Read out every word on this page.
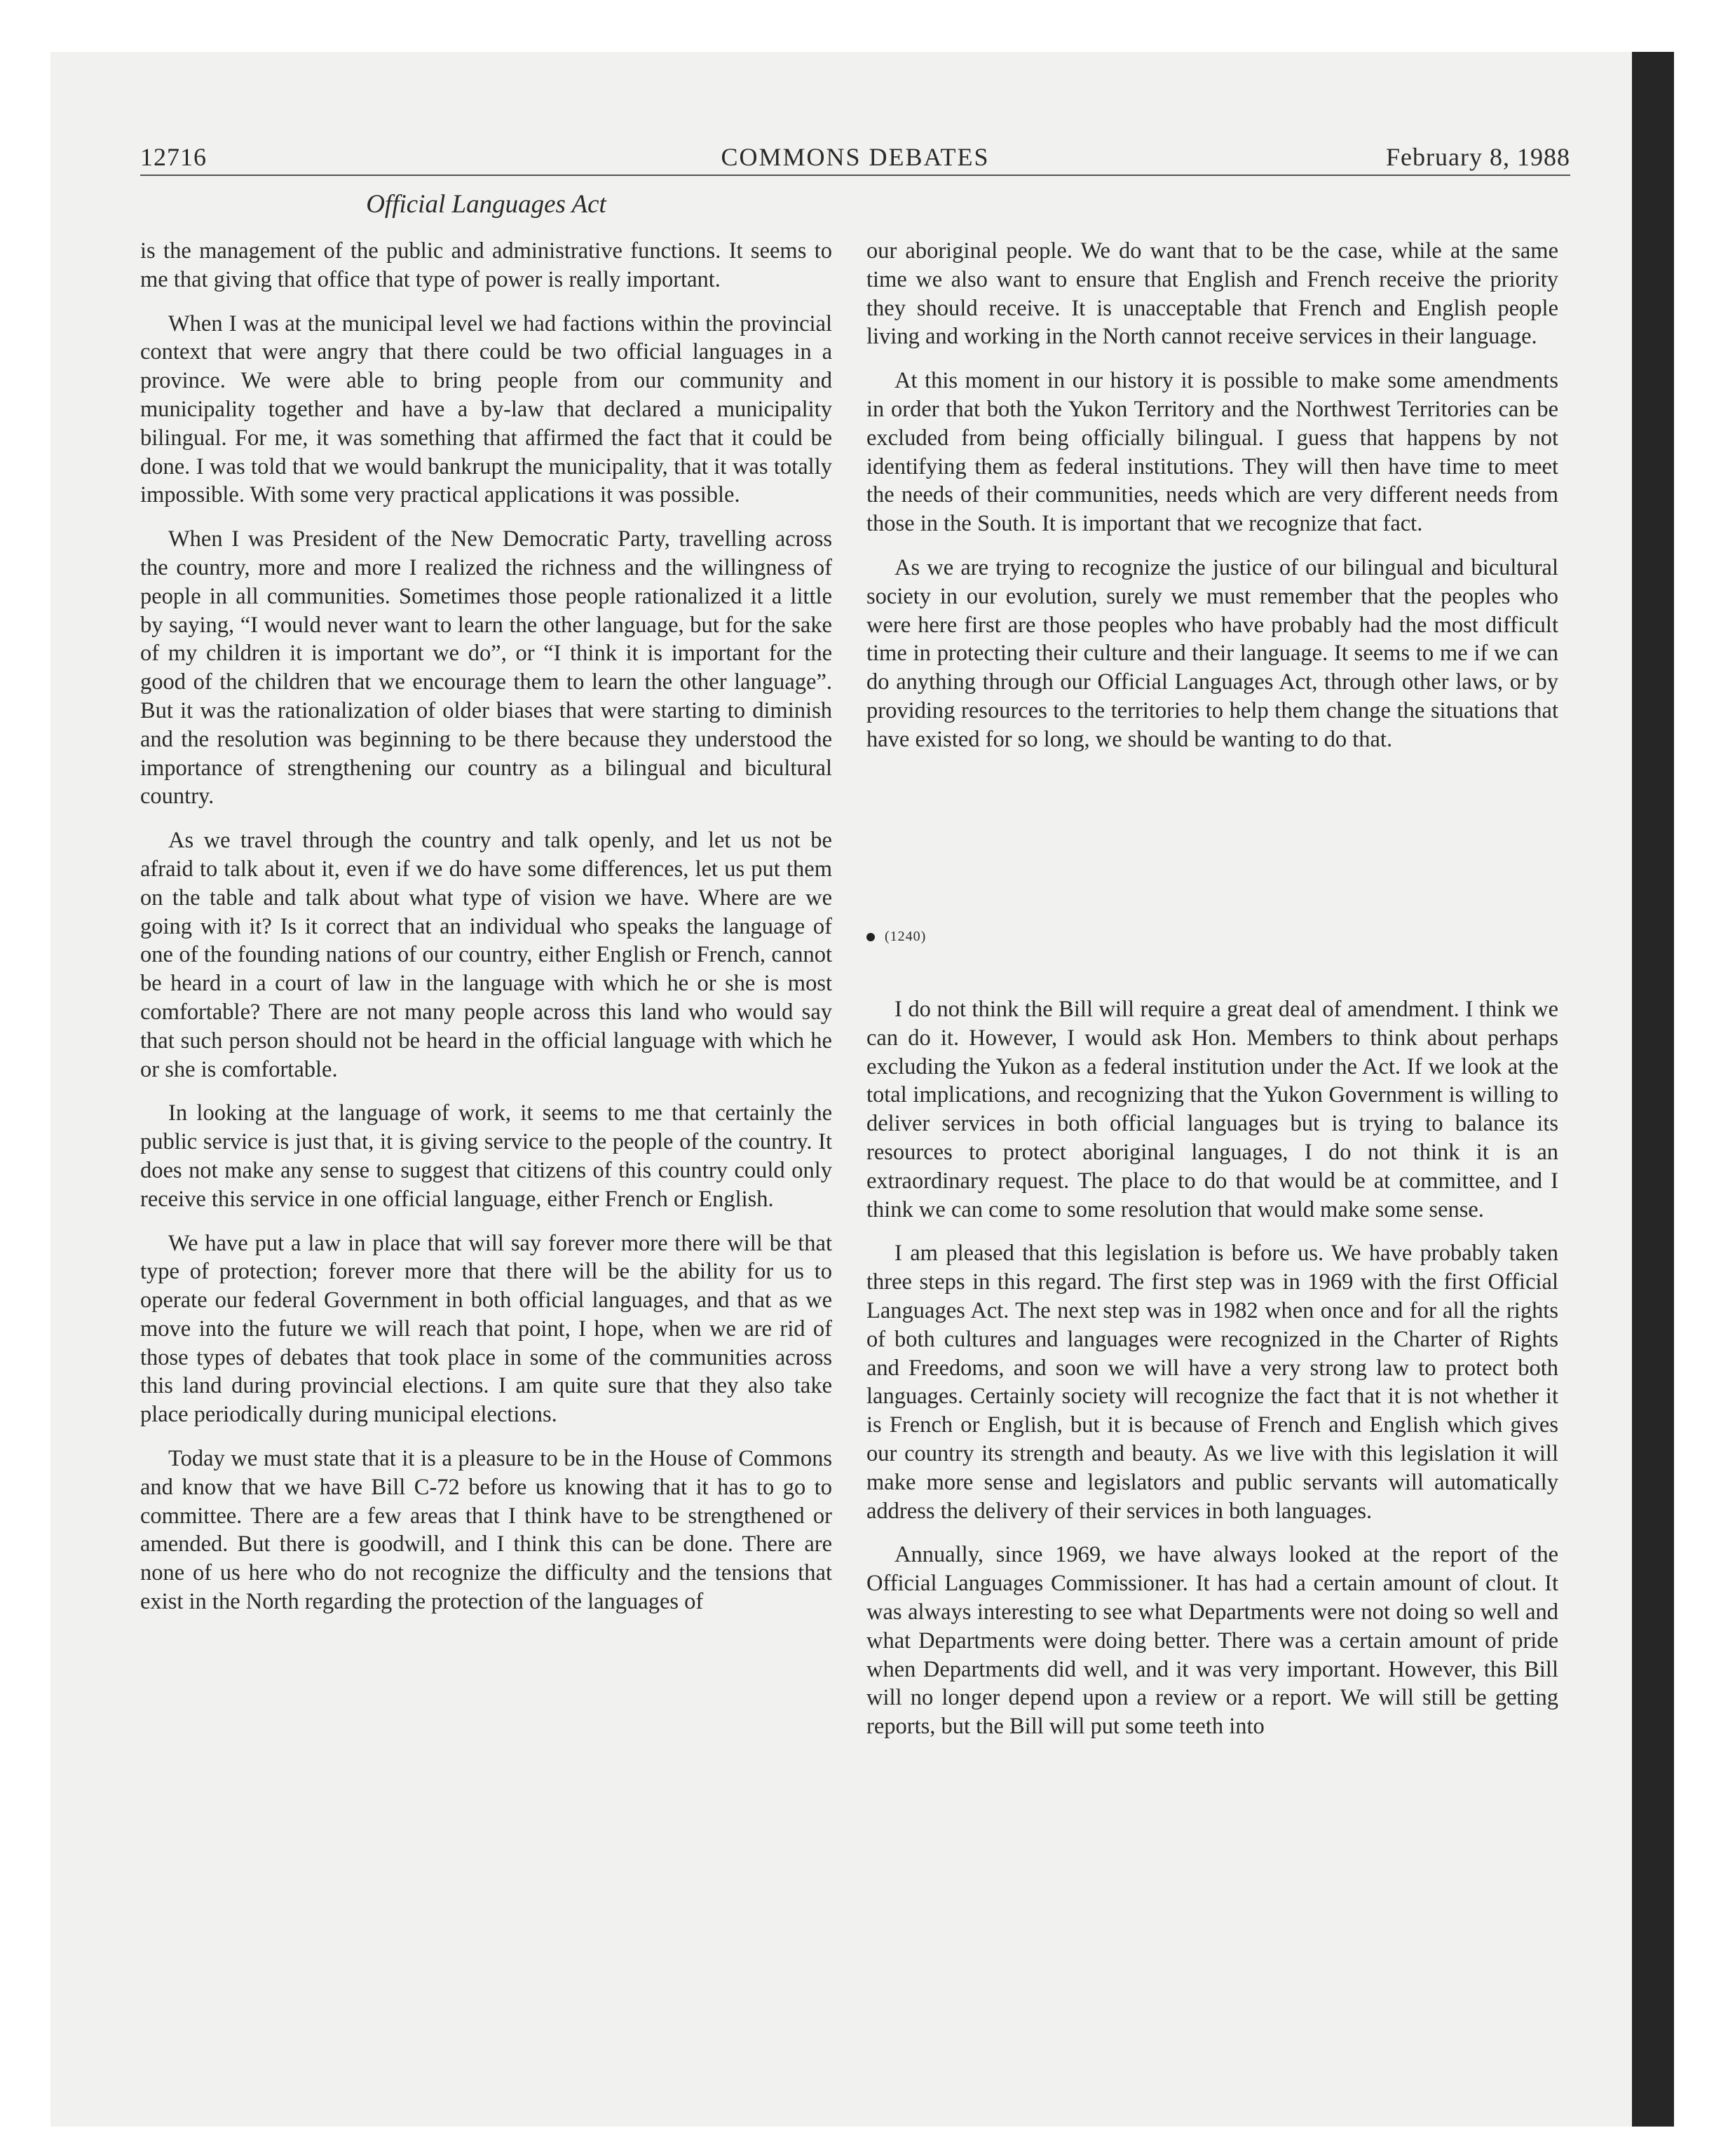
12716	COMMONS DEBATES	February 8, 1988
Official Languages Act

is the management of the public and administrative functions. It seems to me that giving that office that type of power is really important.

When I was at the municipal level we had factions within the provincial context that were angry that there could be two official languages in a province. We were able to bring people from our community and municipality together and have a by-law that declared a municipality bilingual. For me, it was something that affirmed the fact that it could be done. I was told that we would bankrupt the municipality, that it was totally impossible. With some very practical applications it was possible.

When I was President of the New Democratic Party, travelling across the country, more and more I realized the richness and the willingness of people in all communities. Sometimes those people rationalized it a little by saying, “I would never want to learn the other language, but for the sake of my children it is important we do”, or “I think it is important for the good of the children that we encourage them to learn the other language”. But it was the rationalization of older biases that were starting to diminish and the resolution was beginning to be there because they understood the importance of strengthening our country as a bilingual and bicultural country.

As we travel through the country and talk openly, and let us not be afraid to talk about it, even if we do have some differences, let us put them on the table and talk about what type of vision we have. Where are we going with it? Is it correct that an individual who speaks the language of one of the founding nations of our country, either English or French, cannot be heard in a court of law in the language with which he or she is most comfortable? There are not many people across this land who would say that such person should not be heard in the official language with which he or she is comfortable.

In looking at the language of work, it seems to me that certainly the public service is just that, it is giving service to the people of the country. It does not make any sense to suggest that citizens of this country could only receive this service in one official language, either French or English.

We have put a law in place that will say forever more there will be that type of protection; forever more that there will be the ability for us to operate our federal Government in both official languages, and that as we move into the future we will reach that point, I hope, when we are rid of those types of debates that took place in some of the communities across this land during provincial elections. I am quite sure that they also take place periodically during municipal elections.

Today we must state that it is a pleasure to be in the House of Commons and know that we have Bill C-72 before us knowing that it has to go to committee. There are a few areas that I think have to be strengthened or amended. But there is goodwill, and I think this can be done. There are none of us here who do not recognize the difficulty and the tensions that exist in the North regarding the protection of the languages of

our aboriginal people. We do want that to be the case, while at the same time we also want to ensure that English and French receive the priority they should receive. It is unacceptable that French and English people living and working in the North cannot receive services in their language.

At this moment in our history it is possible to make some amendments in order that both the Yukon Territory and the Northwest Territories can be excluded from being officially bilingual. I guess that happens by not identifying them as federal institutions. They will then have time to meet the needs of their communities, needs which are very different needs from those in the South. It is important that we recognize that fact.

As we are trying to recognize the justice of our bilingual and bicultural society in our evolution, surely we must remember that the peoples who were here first are those peoples who have probably had the most difficult time in protecting their culture and their language. It seems to me if we can do anything through our Official Languages Act, through other laws, or by providing resources to the territories to help them change the situations that have existed for so long, we should be wanting to do that.

(1240)

I do not think the Bill will require a great deal of amendment. I think we can do it. However, I would ask Hon. Members to think about perhaps excluding the Yukon as a federal institution under the Act. If we look at the total implications, and recognizing that the Yukon Government is willing to deliver services in both official languages but is trying to balance its resources to protect aboriginal languages, I do not think it is an extraordinary request. The place to do that would be at committee, and I think we can come to some resolution that would make some sense.

I am pleased that this legislation is before us. We have probably taken three steps in this regard. The first step was in 1969 with the first Official Languages Act. The next step was in 1982 when once and for all the rights of both cultures and languages were recognized in the Charter of Rights and Freedoms, and soon we will have a very strong law to protect both languages. Certainly society will recognize the fact that it is not whether it is French or English, but it is because of French and English which gives our country its strength and beauty. As we live with this legislation it will make more sense and legislators and public servants will automatically address the delivery of their services in both languages.

Annually, since 1969, we have always looked at the report of the Official Languages Commissioner. It has had a certain amount of clout. It was always interesting to see what Departments were not doing so well and what Departments were doing better. There was a certain amount of pride when Departments did well, and it was very important. However, this Bill will no longer depend upon a review or a report. We will still be getting reports, but the Bill will put some teeth into
